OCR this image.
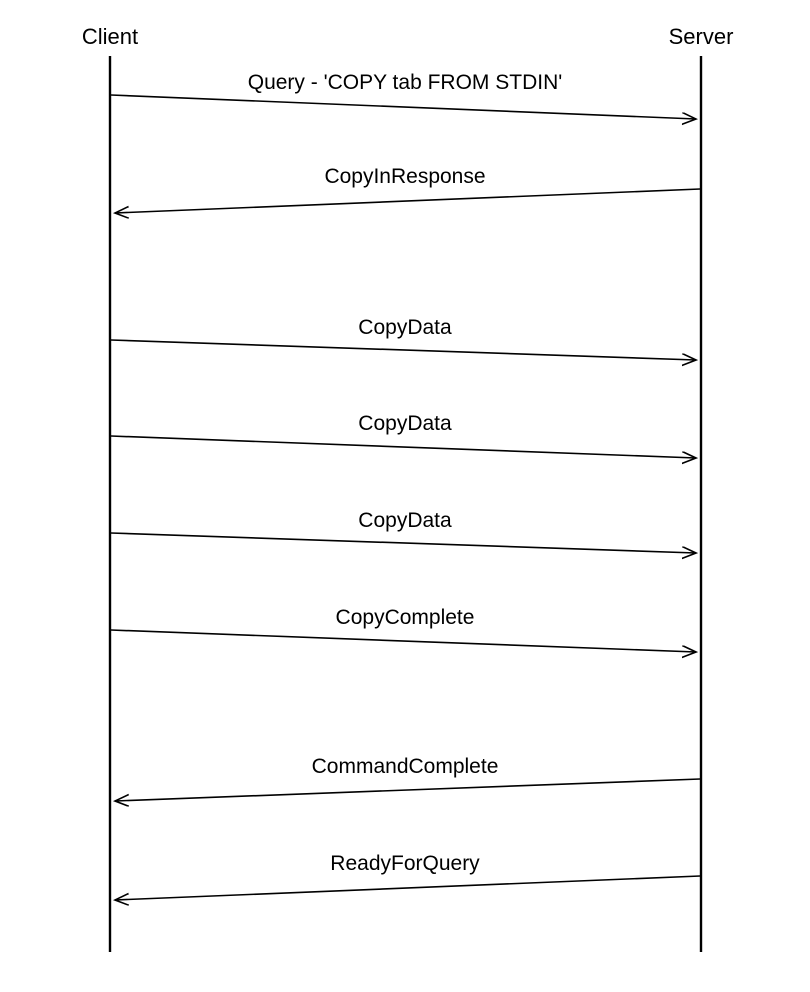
Client	Server
Query - 'COPY tab FROM STDIN'
CopyInResponse
CopyData
CopyData
CopyData
CopyComplete
CommandComplete
ReadyForQuery
